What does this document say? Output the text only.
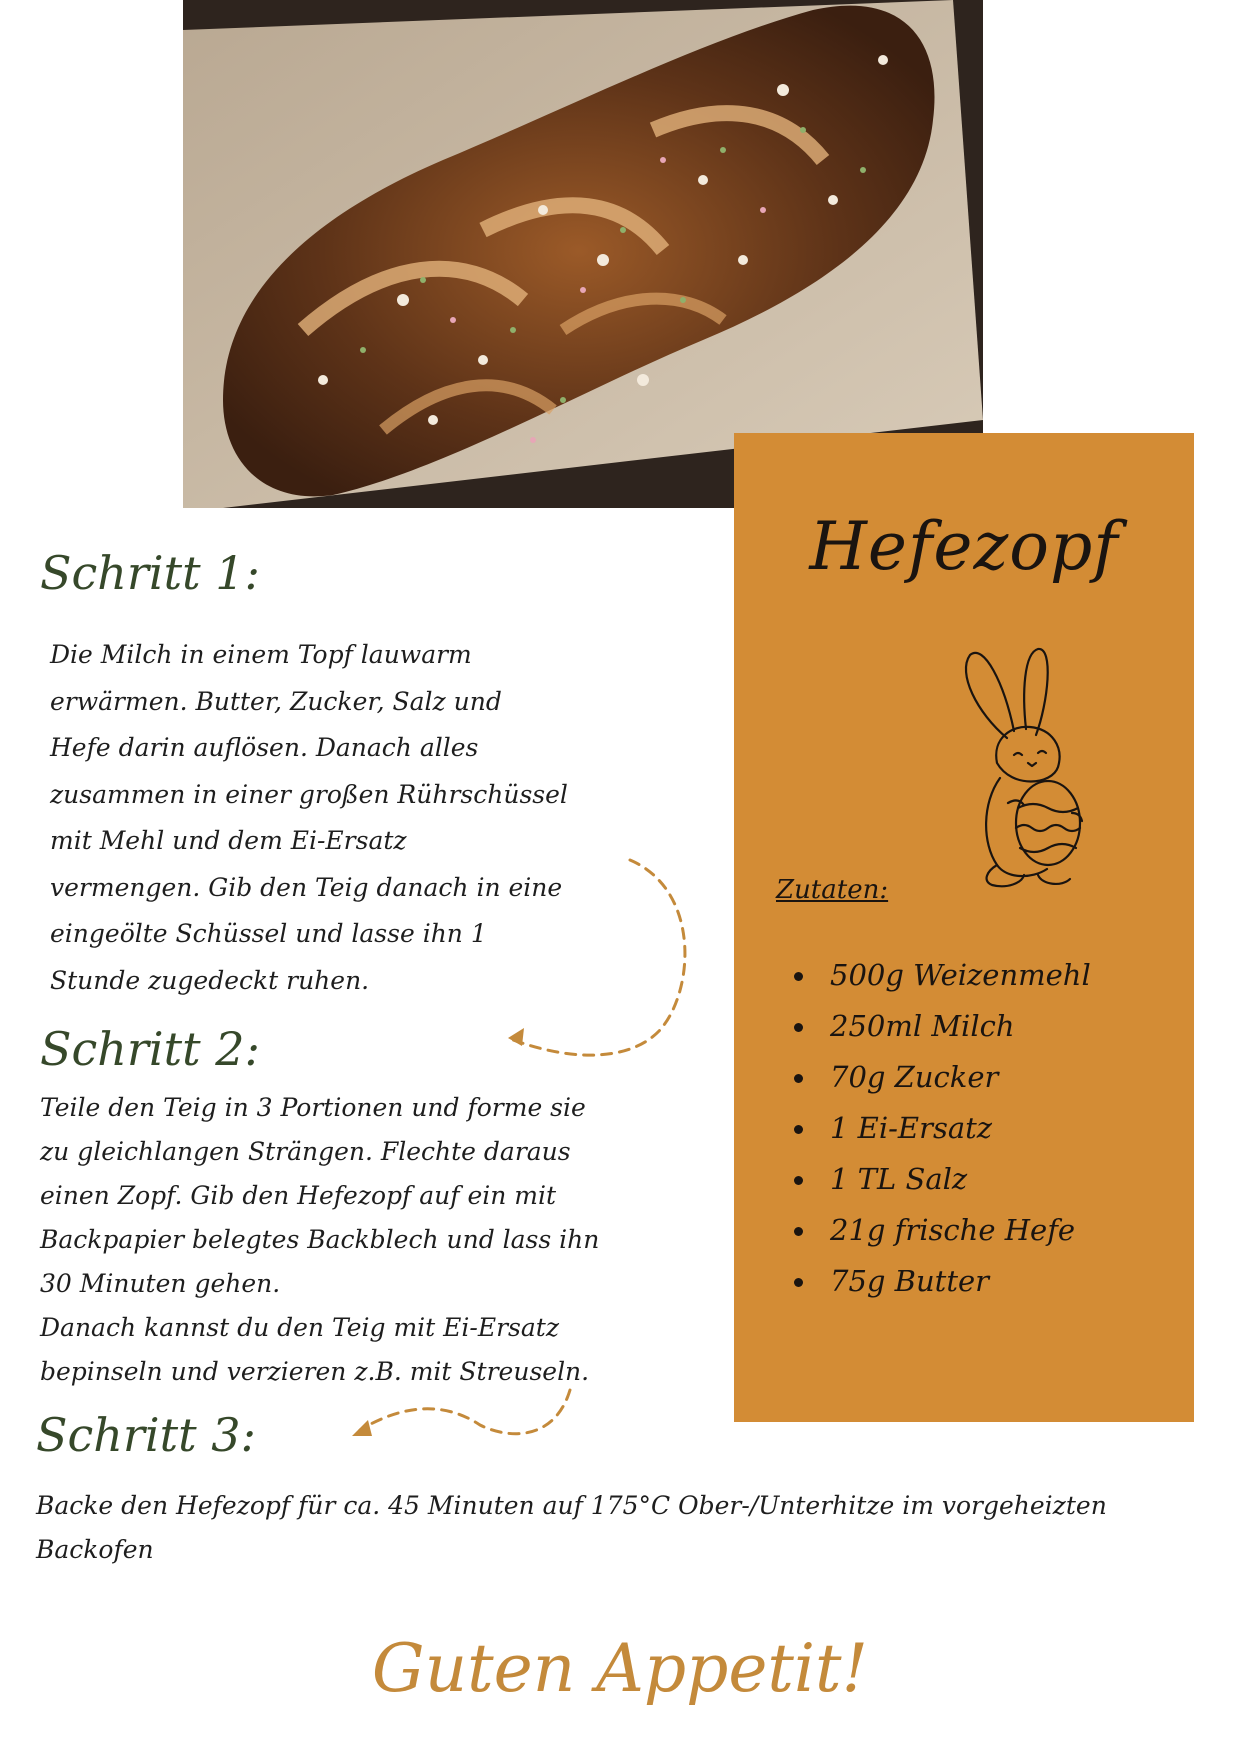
Hefezopf
Zutaten:
500g Weizenmehl
250ml Milch
70g Zucker
1 Ei-Ersatz
1 TL Salz
21g frische Hefe
75g Butter
Schritt 1:
Die Milch in einem Topf lauwarm
erwärmen. Butter, Zucker, Salz und
Hefe darin auflösen. Danach alles
zusammen in einer großen Rührschüssel
mit Mehl und dem Ei-Ersatz
vermengen. Gib den Teig danach in eine
eingeölte Schüssel und lasse ihn 1
Stunde zugedeckt ruhen.
Schritt 2:
Teile den Teig in 3 Portionen und forme sie
zu gleichlangen Strängen. Flechte daraus
einen Zopf. Gib den Hefezopf auf ein mit
Backpapier belegtes Backblech und lass ihn
30 Minuten gehen.
Danach kannst du den Teig mit Ei-Ersatz
bepinseln und verzieren z.B. mit Streuseln.
Schritt 3:
Backe den Hefezopf für ca. 45 Minuten auf 175°C Ober-/Unterhitze im vorgeheizten
Backofen
Guten Appetit!
